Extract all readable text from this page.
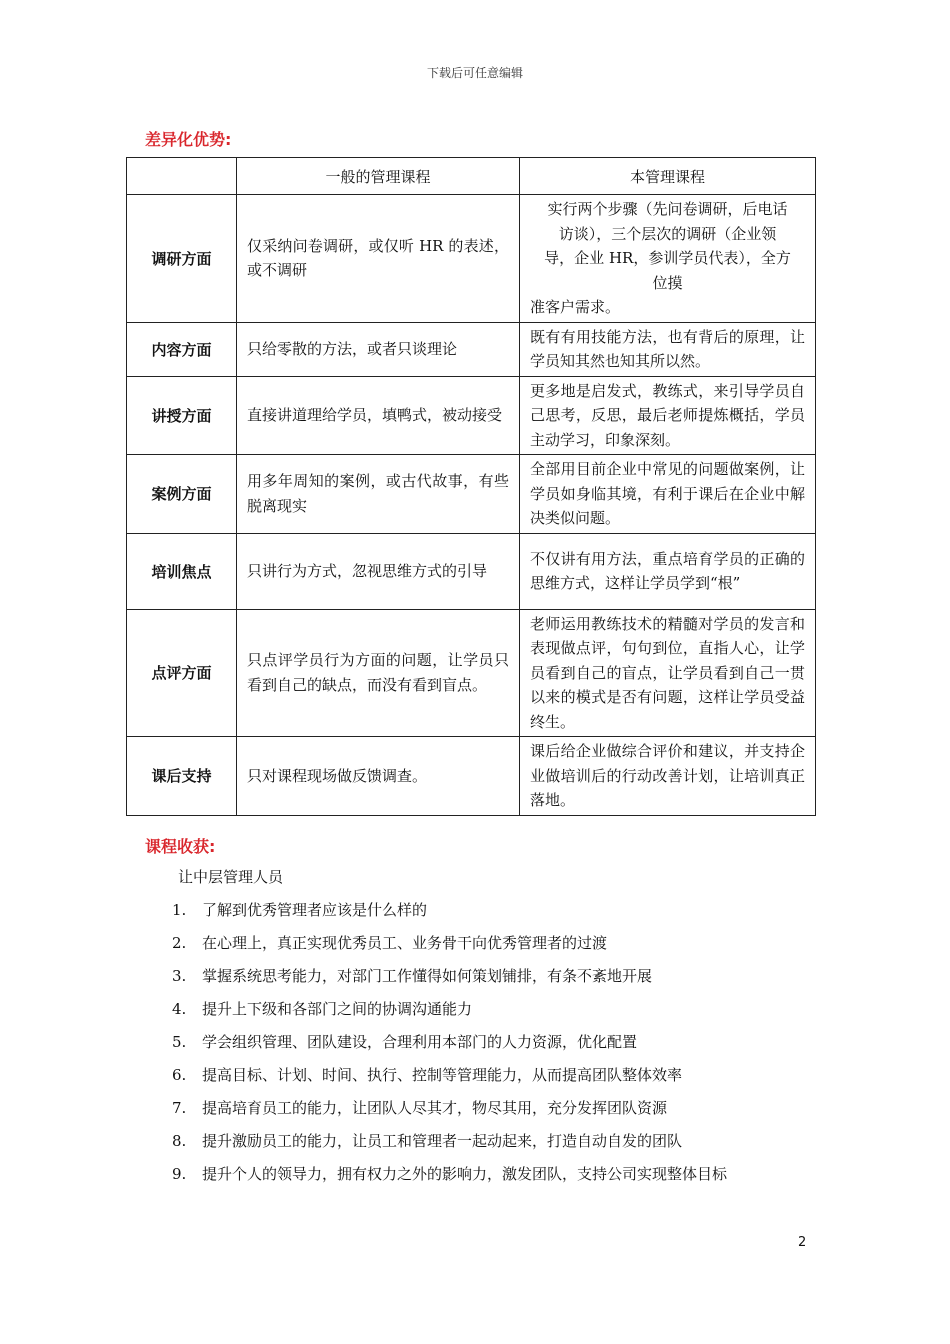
下载后可任意编辑
差异化优势:
	一般的管理课程	本管理课程
调研方面	仅采纳问卷调研，或仅听 HR 的表述，或不调研	实行两个步骤（先问卷调研，后电话
访谈），三个层次的调研（企业领
导，企业 HR，参训学员代表），全方
位摸
准客户需求。

内容方面	只给零散的方法，或者只谈理论	既有有用技能方法，也有背后的原理，让学员知其然也知其所以然。
讲授方面	直接讲道理给学员，填鸭式，被动接受	更多地是启发式，教练式，来引导学员自己思考，反思，最后老师提炼概括，学员主动学习，印象深刻。
案例方面	用多年周知的案例，或古代故事，有些脱离现实	全部用目前企业中常见的问题做案例，让学员如身临其境，有利于课后在企业中解决类似问题。
培训焦点	只讲行为方式，忽视思维方式的引导	不仅讲有用方法，重点培育学员的正确的思维方式，这样让学员学到“根”
点评方面	只点评学员行为方面的问题，让学员只看到自己的缺点，而没有看到盲点。	老师运用教练技术的精髓对学员的发言和表现做点评，句句到位，直指人心，让学员看到自己的盲点，让学员看到自己一贯以来的模式是否有问题，这样让学员受益终生。
课后支持	只对课程现场做反馈调查。	课后给企业做综合评价和建议，并支持企业做培训后的行动改善计划，让培训真正落地。
课程收获:
让中层管理人员
1. 了解到优秀管理者应该是什么样的
2. 在心理上，真正实现优秀员工、业务骨干向优秀管理者的过渡
3. 掌握系统思考能力，对部门工作懂得如何策划铺排，有条不紊地开展
4. 提升上下级和各部门之间的协调沟通能力
5. 学会组织管理、团队建设，合理利用本部门的人力资源，优化配置
6. 提高目标、计划、时间、执行、控制等管理能力，从而提高团队整体效率
7. 提高培育员工的能力，让团队人尽其才，物尽其用，充分发挥团队资源
8. 提升激励员工的能力，让员工和管理者一起动起来，打造自动自发的团队
9. 提升个人的领导力，拥有权力之外的影响力，激发团队，支持公司实现整体目标
2
